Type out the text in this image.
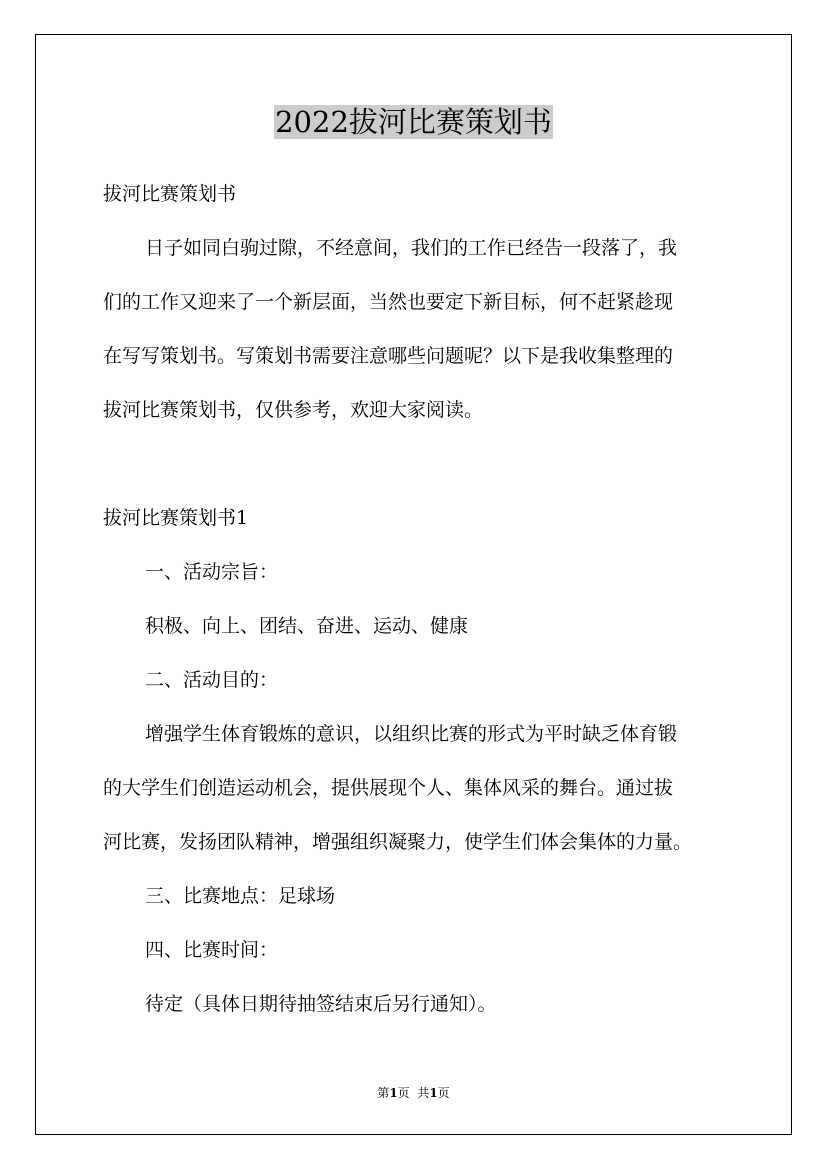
2022拔河比赛策划书

拔河比赛策划书

日子如同白驹过隙，不经意间，我们的工作已经告一段落了，我

们的工作又迎来了一个新层面，当然也要定下新目标，何不赶紧趁现

在写写策划书。写策划书需要注意哪些问题呢？以下是我收集整理的

拔河比赛策划书，仅供参考，欢迎大家阅读。

拔河比赛策划书1

一、活动宗旨：

积极、向上、团结、奋进、运动、健康

二、活动目的：

增强学生体育锻炼的意识，以组织比赛的形式为平时缺乏体育锻

的大学生们创造运动机会，提供展现个人、集体风采的舞台。通过拔

河比赛，发扬团队精神，增强组织凝聚力，使学生们体会集体的力量。

三、比赛地点：足球场

四、比赛时间：

待定（具体日期待抽签结束后另行通知）。

第1页  共1页
